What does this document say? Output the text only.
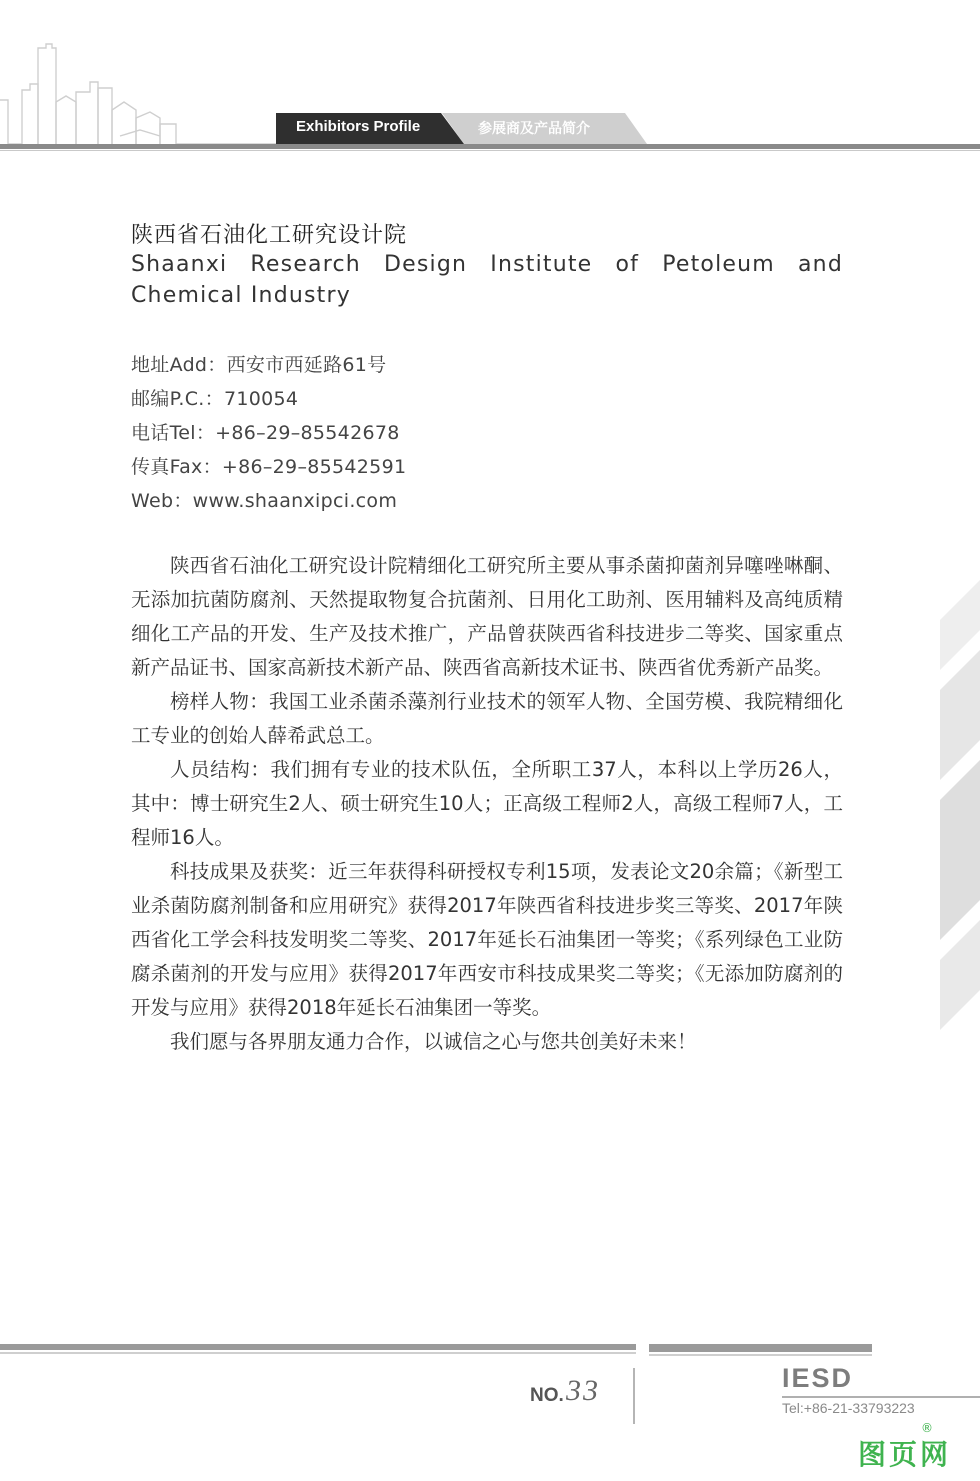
Exhibitors Profile	参展商及产品简介
陕西省石油化工研究设计院
Shaanxi Research Design Institute of Petoleum and Chemical Industry
地址Add：西安市西延路61号
邮编P.C.：710054
电话Tel：+86–29–85542678
传真Fax：+86–29–85542591
Web：www.shaanxipci.com

陕西省石油化工研究设计院精细化工研究所主要从事杀菌抑菌剂异噻唑啉酮、无添加抗菌防腐剂、天然提取物复合抗菌剂、日用化工助剂、医用辅料及高纯质精细化工产品的开发、生产及技术推广，产品曾获陕西省科技进步二等奖、国家重点新产品证书、国家高新技术新产品、陕西省高新技术证书、陕西省优秀新产品奖。

榜样人物：我国工业杀菌杀藻剂行业技术的领军人物、全国劳模、我院精细化工专业的创始人薛希武总工。

人员结构：我们拥有专业的技术队伍，全所职工37人，本科以上学历26人，其中：博士研究生2人、硕士研究生10人；正高级工程师2人，高级工程师7人，工程师16人。

科技成果及获奖：近三年获得科研授权专利15项，发表论文20余篇；《新型工业杀菌防腐剂制备和应用研究》获得2017年陕西省科技进步奖三等奖、2017年陕西省化工学会科技发明奖二等奖、2017年延长石油集团一等奖；《系列绿色工业防腐杀菌剂的开发与应用》获得2017年西安市科技成果奖二等奖；《无添加防腐剂的开发与应用》获得2018年延长石油集团一等奖。

我们愿与各界朋友通力合作，以诚信之心与您共创美好未来！

NO. 33	IESD
Tel:+86-21-33793223
图页网
®
